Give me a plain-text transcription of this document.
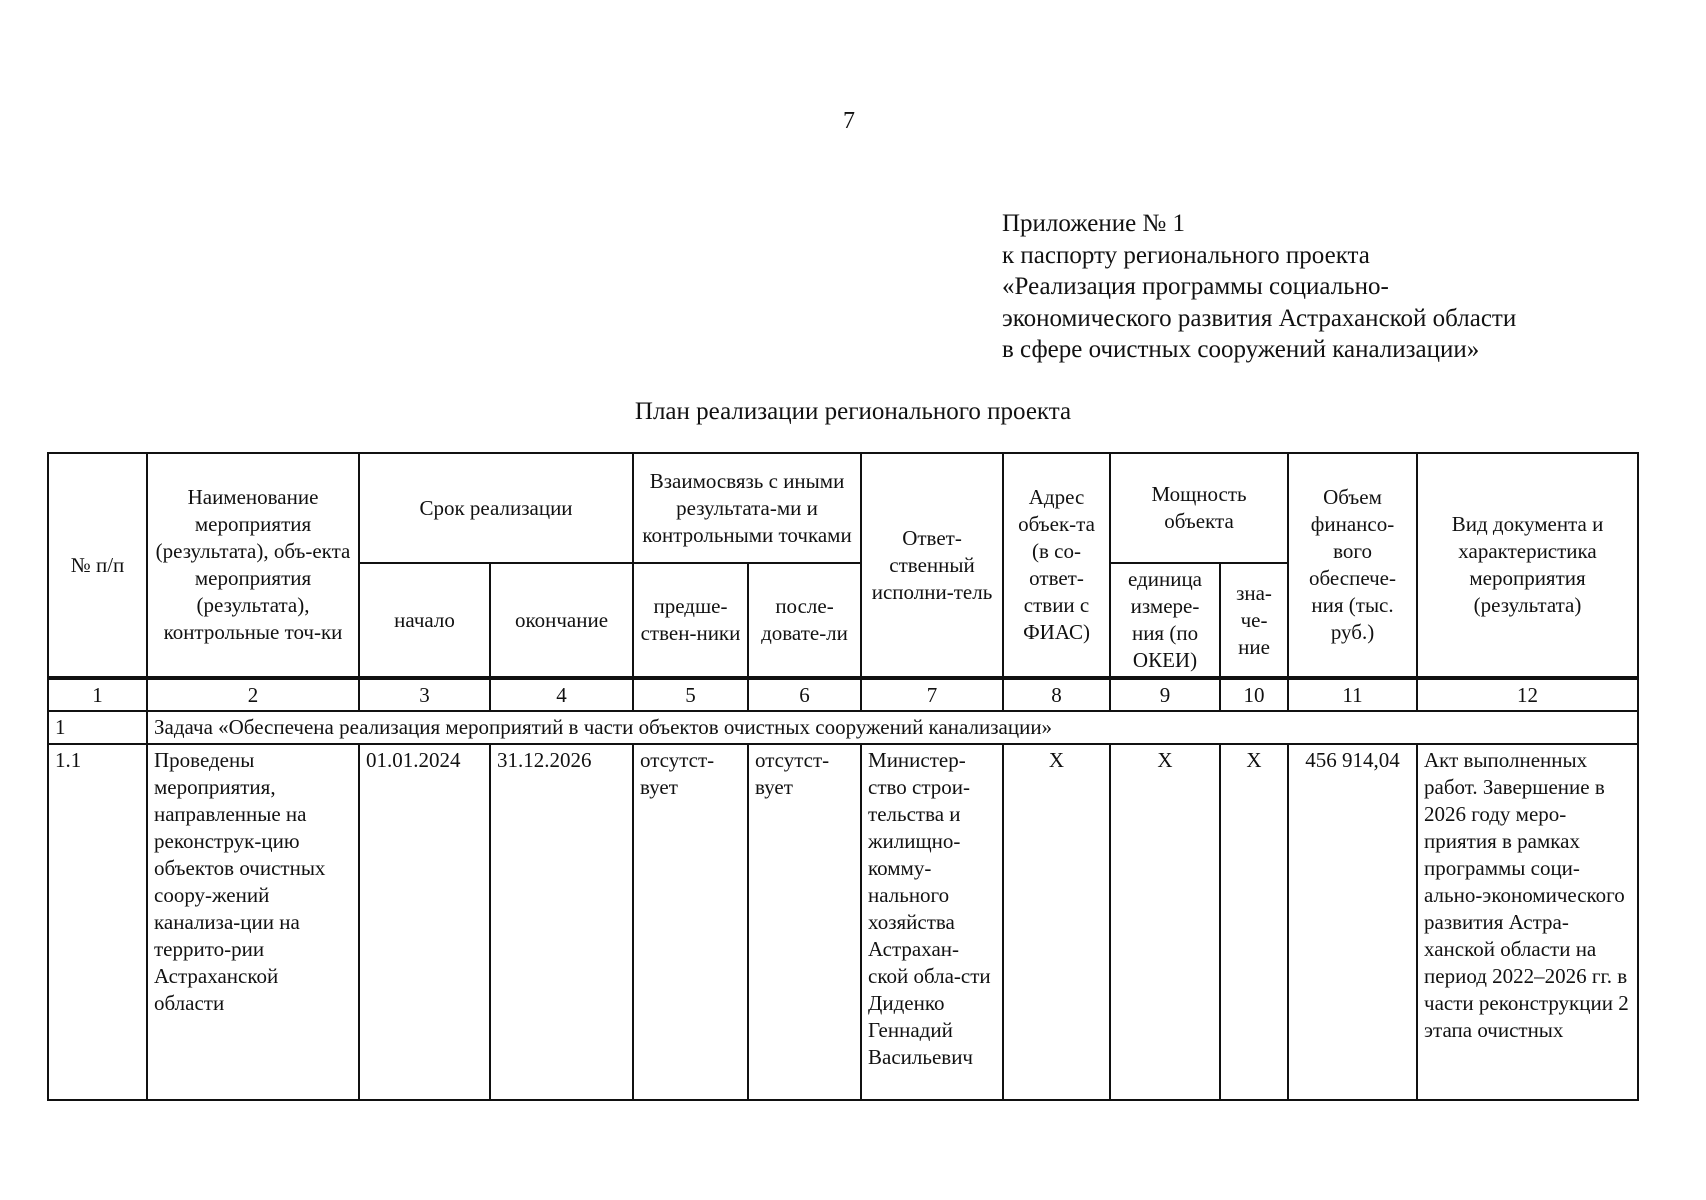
7
Приложение № 1
к паспорту регионального проекта
«Реализация программы социально-
экономического развития Астраханской области
в сфере очистных сооружений канализации»
План реализации регионального проекта
№ п/п	Наименование мероприятия (результата), объ-екта мероприятия (результата), контрольные точ-ки	Срок реализации		Взаимосвязь с иными результата-ми и контрольными точками		Ответ-ственный исполни-тель	Адрес объек-та (в со-ответ-ствии с ФИАС)	Мощность объекта		Объем финансо-вого обеспече-ния (тыс. руб.)	Вид документа и характеристика мероприятия (результата)
		начало	окончание	предше-ствен-ники	после-довате-ли			единица измере-ния (по ОКЕИ)	зна-че-ние		
1	2	3	4	5	6	7	8	9	10	11	12
1	Задача «Обеспечена реализация мероприятий в части объектов очистных сооружений канализации»										
1.1	Проведены мероприятия, направленные на реконструк-цию объектов очистных соору-жений канализа-ции на террито-рии Астраханской области	01.01.2024	31.12.2026	отсутст-вует	отсутст-вует	Министер-ство строи-тельства и жилищно-комму-нального хозяйства Астрахан-ской обла-сти Диденко Геннадий Васильевич	X	X	X	456 914,04	Акт выполненных работ. Завершение в 2026 году меро-приятия в рамках программы соци-ально-экономического развития Астра-ханской области на период 2022–2026 гг. в части реконструкции 2 этапа очистных
